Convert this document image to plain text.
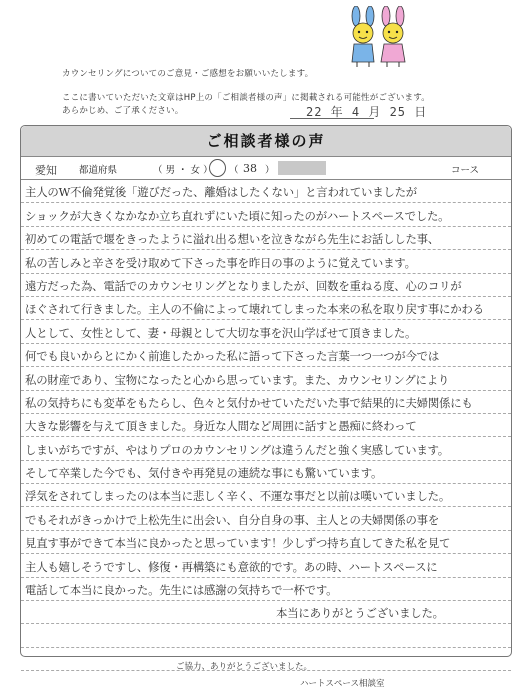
カウンセリングについてのご意見・ご感想をお願いいたします。
ここに書いていただいた文章はHP上の「ご相談者様の声」に掲載される可能性がございます。
あらかじめ、ご了承ください。	22 年 4 月 25 日
ご相談者様の声
愛知 都道府県	（ 男 ・ 女 ） （ 38 ）	コース
主人のW不倫発覚後「遊びだった、離婚はしたくない」と言われていましたが
ショックが大きくなかなか立ち直れずにいた頃に知ったのがハートスペースでした。
初めての電話で堰をきったように溢れ出る想いを泣きながら先生にお話しした事、
私の苦しみと辛さを受け取めて下さった事を昨日の事のように覚えています。
遠方だった為、電話でのカウンセリングとなりましたが、回数を重ねる度、心のコリが
ほぐされて行きました。主人の不倫によって壊れてしまった本来の私を取り戻す事にかわる
人として、女性として、妻・母親として大切な事を沢山学ばせて頂きました。
何でも良いからとにかく前進したかった私に語って下さった言葉一つ一つが今では
私の財産であり、宝物になったと心から思っています。また、カウンセリングにより
私の気持ちにも変革をもたらし、色々と気付かせていただいた事で結果的に夫婦関係にも
大きな影響を与えて頂きました。身近な人間など周囲に話すと愚痴に終わって
しまいがちですが、やはりプロのカウンセリングは違うんだと強く実感しています。
そして卒業した今でも、気付きや再発見の連続な事にも驚いています。
浮気をされてしまったのは本当に悲しく辛く、不運な事だと以前は嘆いていました。
でもそれがきっかけで上松先生に出会い、自分自身の事、主人との夫婦関係の事を
見直す事ができて本当に良かったと思っています！少しずつ持ち直してきた私を見て
主人も嬉しそうですし、修復・再構築にも意欲的です。あの時、ハートスペースに
電話して本当に良かった。先生には感謝の気持ちで一杯です。
本当にありがとうございました。
ご協力、ありがとうございました。
ハートスペース相談室
